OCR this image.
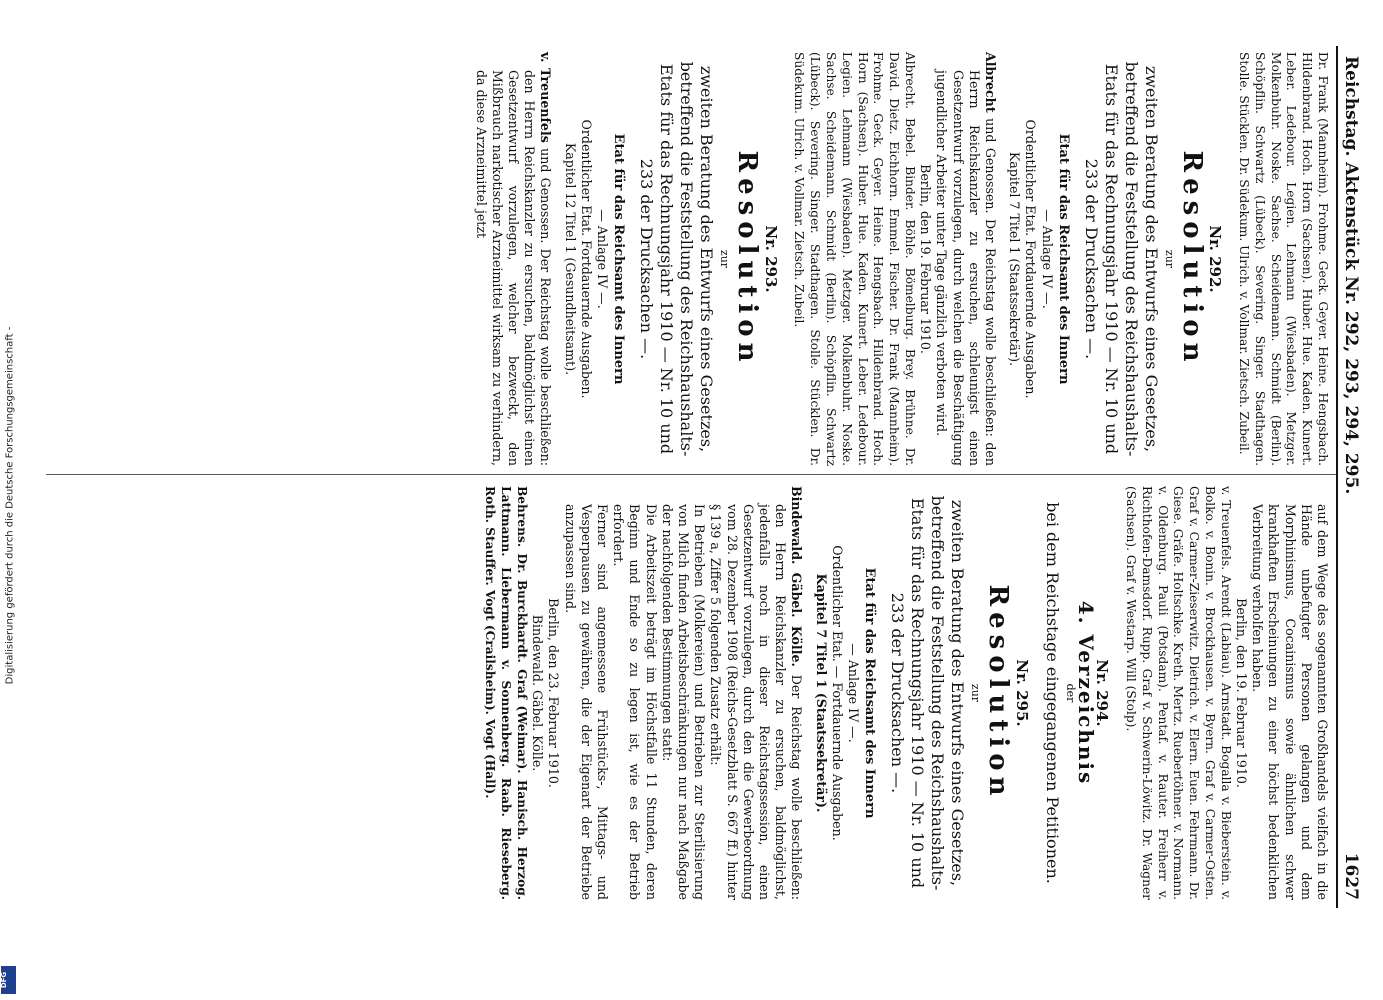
Reichstag. Aktenstück Nr. 292, 293, 294, 295.
1627

Dr. Frank (Mannheim). Frohme. Geck. Geyer. Heine. Hengsbach. Hildenbrand. Hoch. Horn (Sachsen). Huber. Hue. Kaden. Kunert. Leber. Ledebour. Legien. Lehmann (Wiesbaden). Metzger. Molkenbuhr. Noske. Sachse. Scheidemann. Schmidt (Berlin). Schöpflin. Schwartz (Lübeck). Severing. Singer. Stadthagen. Stolle. Stücklen. Dr. Südekum. Ulrich. v. Vollmar. Zietsch. Zubeil.

Nr. 292.
Resolution
zur

zweiten Beratung des Entwurfs eines Gesetzes, betreffend die Feststellung des Reichshaushalts-Etats für das Rechnungsjahr 1910 — Nr. 10 und 233 der Drucksachen —.

Etat für das Reichsamt des Innern
— Anlage IV —.
Ordentlicher Etat. Fortdauernde Ausgaben.
Kapitel 7 Titel 1 (Staatssekretär).

Albrecht und Genossen. Der Reichstag wolle beschließen: den Herrn Reichskanzler zu ersuchen, schleunigst einen Gesetzentwurf vorzulegen, durch welchen die Beschäftigung jugendlicher Arbeiter unter Tage gänzlich verboten wird.

Berlin, den 19. Februar 1910.

Albrecht. Bebel. Binder. Böhle. Bömelburg. Brey. Brühne. Dr. David. Dietz. Eichhorn. Emmel. Fischer. Dr. Frank (Mannheim). Frohme. Geck. Geyer. Heine. Hengsbach. Hildenbrand. Hoch. Horn (Sachsen). Huber. Hue. Kaden. Kunert. Leber. Ledebour. Legien. Lehmann (Wiesbaden). Metzger. Molkenbuhr. Noske. Sachse. Scheidemann. Schmidt (Berlin). Schöpflin. Schwartz (Lübeck). Severing. Singer. Stadthagen. Stolle. Stücklen. Dr. Südekum. Ulrich. v. Vollmar. Zietsch. Zubeil.

Nr. 293.
Resolution
zur

zweiten Beratung des Entwurfs eines Gesetzes, betreffend die Feststellung des Reichshaushalts-Etats für das Rechnungsjahr 1910 — Nr. 10 und 233 der Drucksachen —.

Etat für das Reichsamt des Innern
— Anlage IV —.
Ordentlicher Etat. Fortdauernde Ausgaben.
Kapitel 12 Titel 1 (Gesundheitsamt).

v. Treuenfels und Genossen. Der Reichstag wolle beschließen: den Herrn Reichskanzler zu ersuchen, baldmöglichst einen Gesetzentwurf vorzulegen, welcher bezweckt, den Mißbrauch narkotischer Arzneimittel wirksam zu verhindern, da diese Arzneimittel jetzt

auf dem Wege des sogenannten Großhandels vielfach in die Hände unbefugter Personen gelangen und dem Morphinismus, Cocainismus sowie ähnlichen schwer krankhaften Erscheinungen zu einer höchst bedenklichen Verbreitung verholfen haben.

Berlin, den 19. Februar 1910.

v. Treuenfels. Arendt (Labiau). Arnstadt. Bogalla v. Bieberstein. v. Bolko. v. Bonin. v. Brockhausen. v. Byern. Graf v. Carmer-Osten. Graf v. Carmer-Zieserwitz. Dietrich. v. Elern. Euen. Fehrmann. Dr. Giese. Gräfe. Holtschke. Kreth. Mertz. Ruebertöhner. v. Normann. v. Oldenburg. Pauli (Potsdam). Pentaf. v. Rauter. Freiherr v. Richthofen-Damsdorf. Rupp. Graf v. Schwerin-Löwitz. Dr. Wagner (Sachsen). Graf v. Westarp. Will (Stolp).

Nr. 294.
4. Verzeichnis
der

bei dem Reichstage eingegangenen Petitionen.

Nr. 295.
Resolution
zur

zweiten Beratung des Entwurfs eines Gesetzes, betreffend die Feststellung des Reichshaushalts-Etats für das Rechnungsjahr 1910 — Nr. 10 und 233 der Drucksachen —.

Etat für das Reichsamt des Innern
— Anlage IV —.
Ordentlicher Etat. — Fortdauernde Ausgaben.
Kapitel 7 Titel 1 (Staatssekretär).

Bindewald. Gäbel. Kölle. Der Reichstag wolle beschließen: den Herrn Reichskanzler zu ersuchen, baldmöglichst, jedenfalls noch in dieser Reichstagssession, einen Gesetzentwurf vorzulegen, durch den die Gewerbeordnung vom 28. Dezember 1908 (Reichs-Gesetzblatt S. 667 ff.) hinter § 139 a, Ziffer 5 folgenden Zusatz erhält:

In Betrieben (Molkereien) und Betrieben zur Sterilisierung von Milch finden Arbeitsbeschränkungen nur nach Maßgabe der nachfolgenden Bestimmungen statt:

Die Arbeitszeit beträgt im Höchstfalle 11 Stunden, deren Beginn und Ende so zu legen ist, wie es der Betrieb erfordert.

Ferner sind angemessene Frühstücks-, Mittags- und Vesperpausen zu gewähren, die der Eigenart der Betriebe anzupassen sind.

Berlin, den 23. Februar 1910.
Bindewald. Gäbel. Kölle.

Behrens. Dr. Burckhardt. Graf (Weimar). Hanisch. Herzog. Lattmann. Liebermann v. Sonnenberg. Raab. Rieseberg. Roth. Stauffer. Vogt (Crailsheim). Vogt (Hall).

Digitalisierung gefördert durch die Deutsche Forschungsgemeinschaft -
DFG
